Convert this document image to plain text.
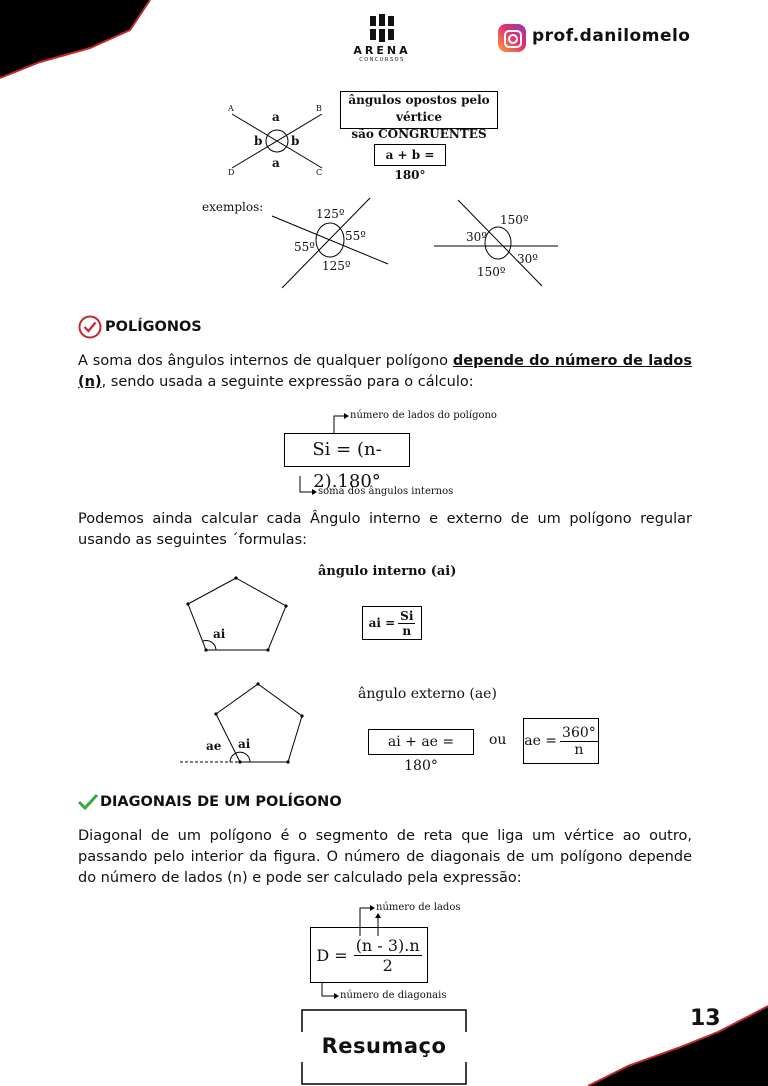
ARENA
CONCURSOS
prof.danilomelo
A	B
C
D
a
a
b b
ângulos opostos pelo vértice
são CONGRUENTES
a + b = 180°
exemplos:	125º
55º
55º
125º
150º
30º
30º
150º
POLÍGONOS
A soma dos ângulos internos de qualquer polígono depende do número de lados (n), sendo usada a seguinte expressão para o cálculo:
número de lados do polígono
Si = (n-2).180°
soma dos ângulos internos
Podemos ainda calcular cada Ângulo interno e externo de um polígono regular usando as seguintes ´formulas:
ângulo interno (ai)
ai
ai = $\frac{Si}{n}$
ângulo externo (ae)
ae ai	ai + ae = 180°
ou ae = $\frac{360^\circ}{n}$
DIAGONAIS DE UM POLÍGONO
Diagonal de um polígono é o segmento de reta que liga um vértice ao outro, passando pelo interior da figura. O número de diagonais de um polígono depende do número de lados (n) e pode ser calculado pela expressão:
número de lados
$D = \frac{(n - 3).n}{2}$
número de diagonais
13
Resumaço
